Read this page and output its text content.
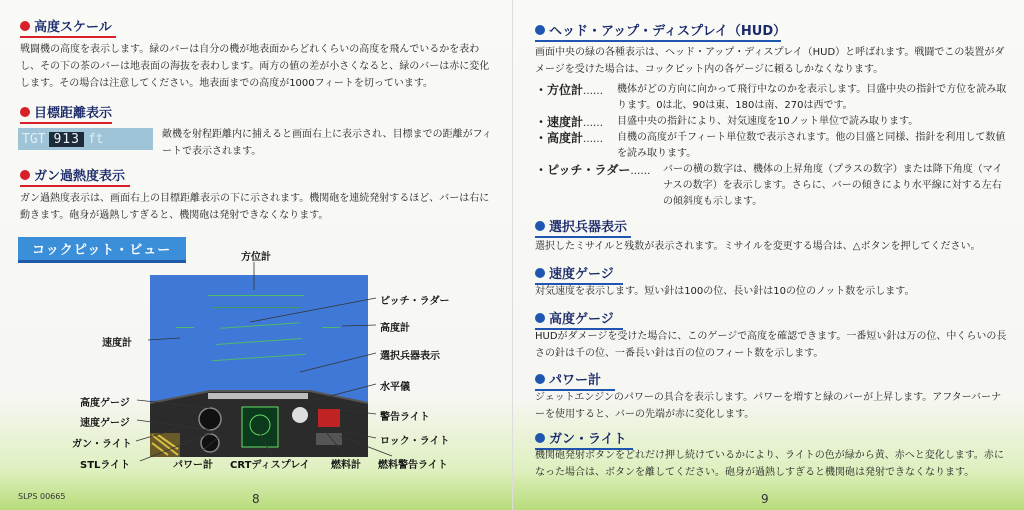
高度スケール
戦闘機の高度を表示します。緑のバーは自分の機が地表面からどれくらいの高度を飛んでいるかを表わし、その下の茶のバーは地表面の海抜を表わします。両方の値の差が小さくなると、緑のバーは赤に変化します。その場合は注意してください。地表面までの高度が1000フィートを切っています。
目標距離表示
TGT 913 ft	敵機を射程距離内に捕えると画面右上に表示され、目標までの距離がフィートで表示されます。
ガン過熱度表示
ガン過熱度表示は、画面右上の目標距離表示の下に示されます。機関砲を連続発射するほど、バーは右に動きます。砲身が過熱しすぎると、機関砲は発射できなくなります。
コックピット・ビュー	方位計
ピッチ・ラダー
高度計
速度計
選択兵器表示
水平儀
高度ゲージ
警告ライト
速度ゲージ
ロック・ライト
ガン・ライト
STLライト	パワー計 CRTディスプレイ 燃料計 燃料警告ライト
SLPS 00665	8
ヘッド・アップ・ディスプレイ（HUD）
画面中央の緑の各種表示は、ヘッド・アップ・ディスプレイ（HUD）と呼ばれます。戦闘でこの装置がダメージを受けた場合は、コックピット内の各ゲージに頼るしかなくなります。
・方位計……	機体がどの方向に向かって飛行中なのかを表示します。目盛中央の指針で方位を読み取ります。0は北、90は東、180は南、270は西です。
・速度計……	目盛中央の指針により、対気速度を10ノット単位で読み取ります。
・高度計……	自機の高度が千フィート単位数で表示されます。他の目盛と同様、指針を利用して数値を読み取ります。
・ピッチ・ラダー……	バーの横の数字は、機体の上昇角度（プラスの数字）または降下角度（マイナスの数字）を表示します。さらに、バーの傾きにより水平線に対する左右の傾斜度も示します。
選択兵器表示
選択したミサイルと残数が表示されます。ミサイルを変更する場合は、△ボタンを押してください。
速度ゲージ
対気速度を表示します。短い針は100の位、長い針は10の位のノット数を示します。
高度ゲージ
HUDがダメージを受けた場合に、このゲージで高度を確認できます。一番短い針は万の位、中くらいの長さの針は千の位、一番長い針は百の位のフィート数を示します。
パワー計
ジェットエンジンのパワーの具合を表示します。パワーを増すと緑のバーが上昇します。アフターバーナーを使用すると、バーの先端が赤に変化します。
ガン・ライト
機関砲発射ボタンをどれだけ押し続けているかにより、ライトの色が緑から黄、赤へと変化します。赤になった場合は、ボタンを離してください。砲身が過熱しすぎると機関砲は発射できなくなります。
9
